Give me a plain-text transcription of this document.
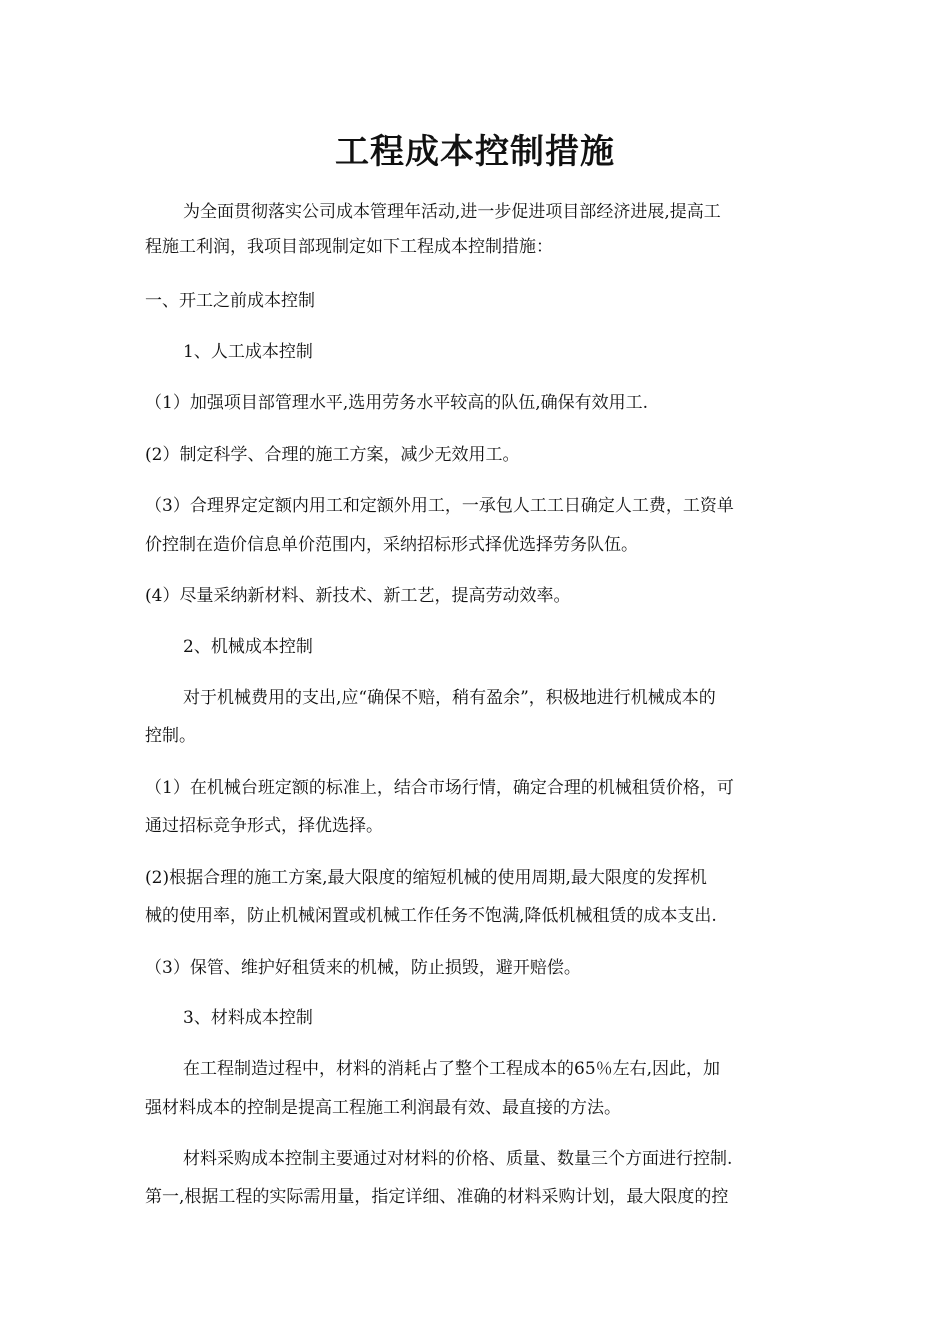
工程成本控制措施
为全面贯彻落实公司成本管理年活动,进一步促进项目部经济进展,提高工
程施工利润，我项目部现制定如下工程成本控制措施：
一、开工之前成本控制
1、人工成本控制
（1）加强项目部管理水平,选用劳务水平较高的队伍,确保有效用工.
(2）制定科学、合理的施工方案，减少无效用工。
（3）合理界定定额内用工和定额外用工，一承包人工工日确定人工费，工资单
价控制在造价信息单价范围内，采纳招标形式择优选择劳务队伍。
(4）尽量采纳新材料、新技术、新工艺，提高劳动效率。
2、机械成本控制
对于机械费用的支出,应“确保不赔，稍有盈余”，积极地进行机械成本的
控制。
（1）在机械台班定额的标准上，结合市场行情，确定合理的机械租赁价格，可
通过招标竞争形式，择优选择。
(2)根据合理的施工方案,最大限度的缩短机械的使用周期,最大限度的发挥机
械的使用率，防止机械闲置或机械工作任务不饱满,降低机械租赁的成本支出.
（3）保管、维护好租赁来的机械，防止损毁，避开赔偿。
3、材料成本控制
在工程制造过程中，材料的消耗占了整个工程成本的65％左右,因此，加
强材料成本的控制是提高工程施工利润最有效、最直接的方法。
材料采购成本控制主要通过对材料的价格、质量、数量三个方面进行控制.
第一,根据工程的实际需用量，指定详细、准确的材料采购计划，最大限度的控
